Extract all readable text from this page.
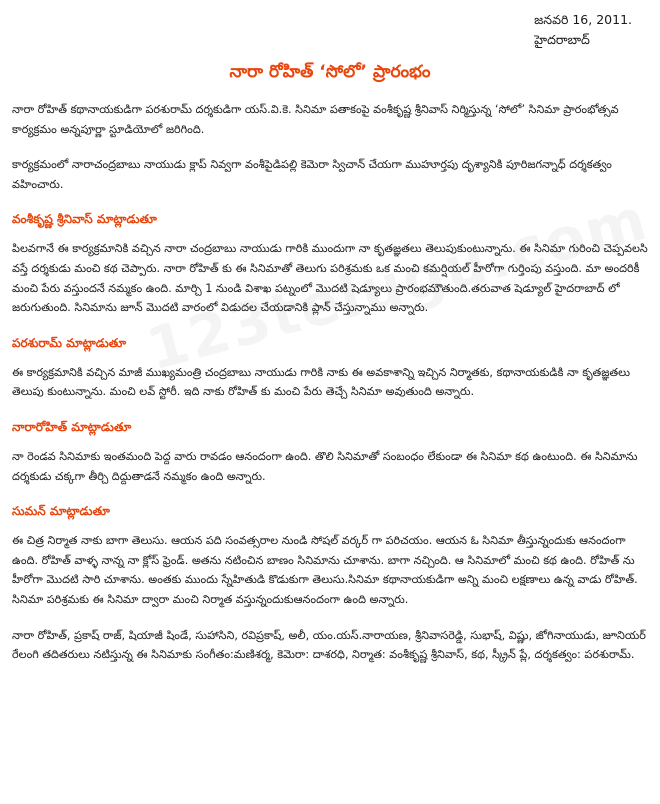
జనవరి 16, 2011.
హైదరాబాద్
నారా రోహిత్ ‘సోలో’ ప్రారంభం

నారా రోహిత్ కథానాయకుడిగా పరశురామ్ దర్శకుడిగా యస్.వి.కె. సినిమా పతాకంపై వంశీకృష్ణ శ్రీనివాస్ నిర్మిస్తున్న ‘సోలో’ సినిమా ప్రారంభోత్సవ కార్యక్రమం అన్నపూర్ణా స్టూడియోలో జరిగింది.

కార్యక్రమంలో నారాచంద్రబాబు నాయుడు క్లాప్ నివ్వగా వంశీపైడిపల్లి కెమెరా స్విచాన్ చేయగా ముహూర్తపు దృశ్యానికి పూరిజగన్నాధ్ దర్శకత్వం వహించారు.

వంశీకృష్ణ శ్రీనివాస్ మాట్లాడుతూ

పిలవగానే ఈ కార్యక్రమానికి వచ్చిన నారా చంద్రబాబు నాయుడు గారికి ముందుగా నా కృతజ్ఞతలు తెలుపుకుంటున్నాను. ఈ సినిమా గురించి చెప్పవలసి వస్తే దర్శకుడు మంచి కథ చెప్పారు. నారా రోహిత్ కు ఈ సినిమాతో తెలుగు పరిశ్రమకు ఒక మంచి కమర్షియల్ హీరోగా గుర్తింపు వస్తుంది. మా అందరికీ మంచి పేరు వస్తుందనే నమ్మకం ఉంది. మార్చి 1 నుండి విశాఖ పట్నంలో మొదటి షెడ్యూలు ప్రారంభమౌతుంది.తరువాత షెడ్యూల్ హైదరాబాద్ లో జరుగుతుంది. సినిమాను జూన్ మొదటి వారంలో విడుదల చేయడానికి ప్లాన్ చేస్తున్నాము అన్నారు.

పరశురామ్ మాట్లాడుతూ

ఈ కార్యక్రమానికి వచ్చిన మాజీ ముఖ్యమంత్రి చంద్రబాబు నాయుడు గారికి నాకు ఈ అవకాశాన్ని ఇచ్చిన నిర్మాతకు, కథానాయకుడికి నా కృతజ్ఞతలు తెలుపు కుంటున్నాను. మంచి లవ్ స్టోరీ. ఇది నాకు రోహిత్ కు మంచి పేరు తెచ్చే సినిమా అవుతుంది అన్నారు.

నారారోహిత్ మాట్లాడుతూ

నా రెండవ సినిమాకు ఇంతమంది పెద్ద వారు రావడం ఆనందంగా ఉంది. తొలి సినిమాతో సంబంధం లేకుండా ఈ సినిమా కథ ఉంటుంది. ఈ సినిమాను దర్శకుడు చక్కగా తీర్చి దిద్దుతాడనే నమ్మకం ఉంది అన్నారు.

సుమన్ మాట్లాడుతూ

ఈ చిత్ర నిర్మాత నాకు బాగా తెలుసు. ఆయన పది సంవత్సరాల నుండి సోషల్ వర్కర్ గా పరిచయం. ఆయన ఓ సినిమా తీస్తున్నందుకు ఆనందంగా ఉంది. రోహిత్ వాళ్ళ నాన్న నా క్లోస్ ఫ్రెండ్. అతను నటించిన బాణం సినిమాను చూశాను. బాగా నచ్చింది. ఆ సినిమాలో మంచి కథ ఉంది. రోహిత్ ను హీరోగా మొదటి సారి చూశాను. అంతకు ముందు స్నేహితుడి కొడుకుగా తెలుసు.సినిమా కథానాయకుడిగా అన్ని మంచి లక్షణాలు ఉన్న వాడు రోహిత్. సినిమా పరిశ్రమకు ఈ సినిమా ద్వారా మంచి నిర్మాత వస్తున్నందుకుఆనందంగా ఉంది అన్నారు.

నారా రోహిత్, ప్రకాష్ రాజ్, షియాజీ షిండే, సుహాసిని, రవిప్రకాష్, అలీ, యం.యస్.నారాయణ, శ్రీనివాసరెడ్డి, సుభాష్, విష్ణు, జోగినాయుడు, జూనియర్ రేలంగి తదితరులు నటిస్తున్న ఈ సినిమాకు సంగీతం:మణిశర్మ, కెమెరా: దాశరధి, నిర్మాత: వంశీకృష్ణ శ్రీనివాస్, కథ, స్క్రీన్ ప్లే, దర్శకత్వం: పరశురామ్.
